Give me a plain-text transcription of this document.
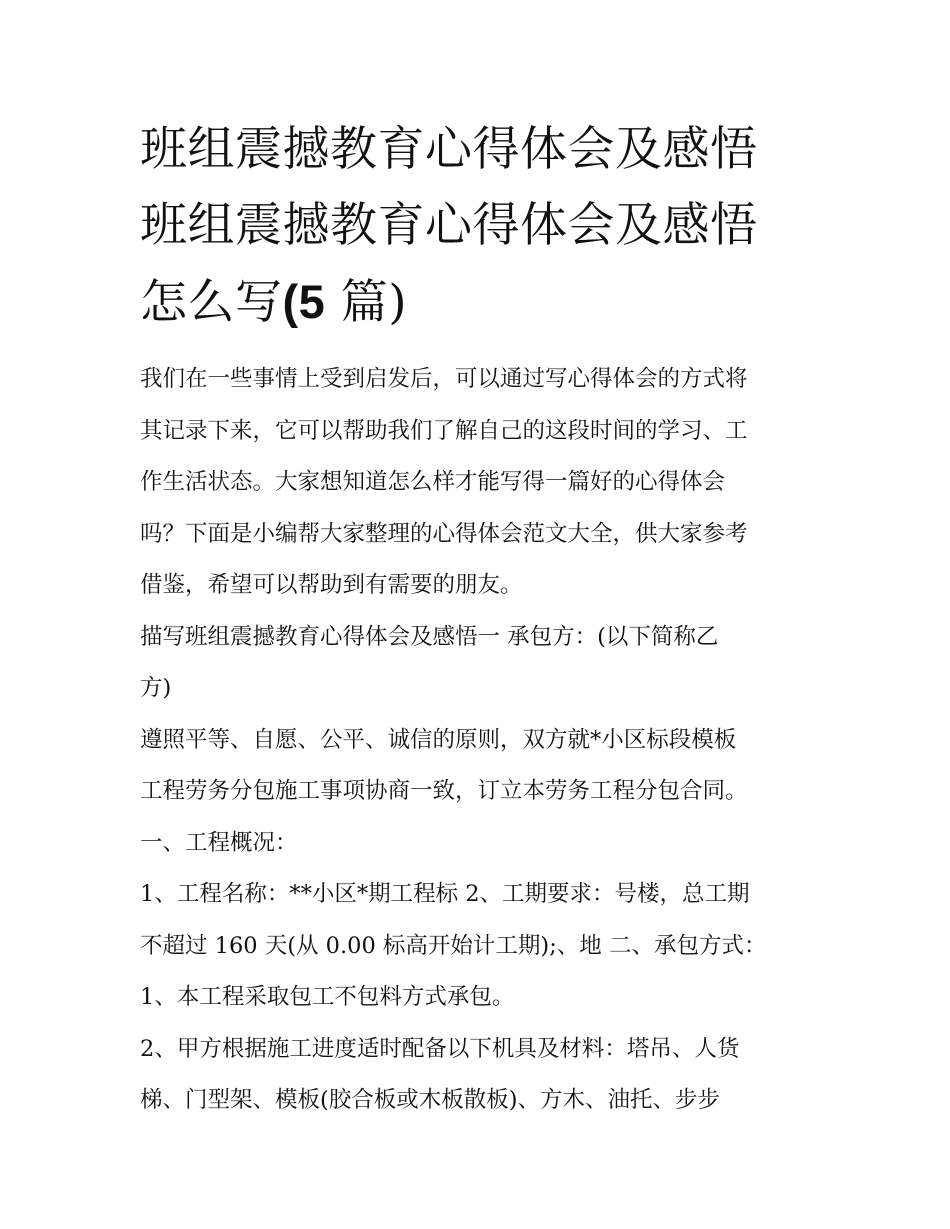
班组震撼教育心得体会及感悟
班组震撼教育心得体会及感悟
怎么写(5 篇)
我们在一些事情上受到启发后，可以通过写心得体会的方式将
其记录下来，它可以帮助我们了解自己的这段时间的学习、工
作生活状态。大家想知道怎么样才能写得一篇好的心得体会
吗？下面是小编帮大家整理的心得体会范文大全，供大家参考
借鉴，希望可以帮助到有需要的朋友。
描写班组震撼教育心得体会及感悟一 承包方：(以下简称乙
方)
遵照平等、自愿、公平、诚信的原则，双方就*小区标段模板
工程劳务分包施工事项协商一致，订立本劳务工程分包合同。
一、工程概况：
1、工程名称：**小区*期工程标 2、工期要求：号楼，总工期
不超过 160 天(从 0.00 标高开始计工期);、地 二、承包方式：
1、本工程采取包工不包料方式承包。
2、甲方根据施工进度适时配备以下机具及材料：塔吊、人货
梯、门型架、模板(胶合板或木板散板)、方木、油托、步步
